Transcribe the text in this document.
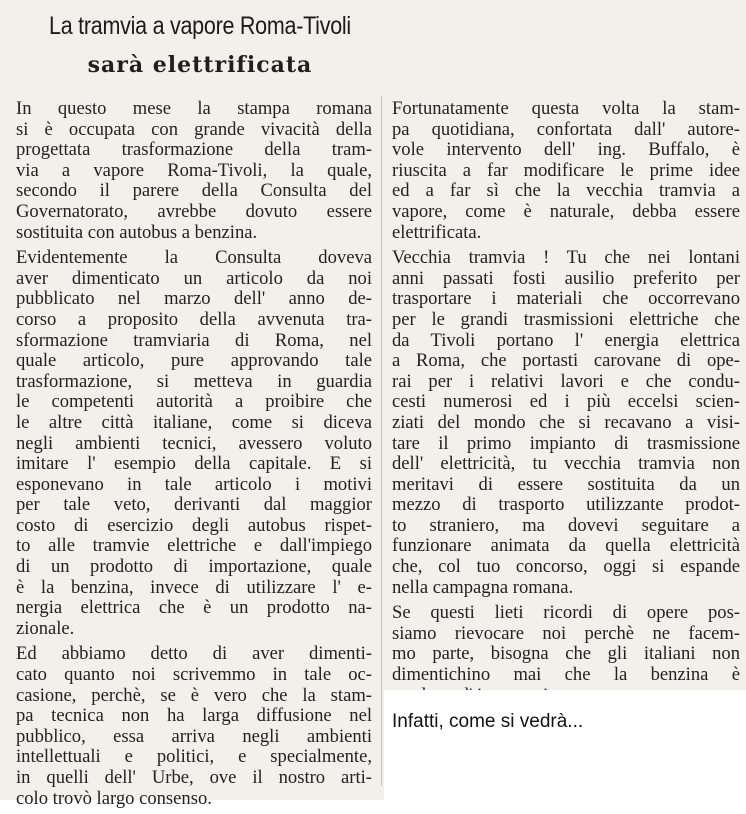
La tramvia a vapore Roma-Tivoli
sarà elettrificata

In questo mese la stampa romana
si è occupata con grande vivacità della
progettata trasformazione della tram-
via a vapore Roma-Tivoli, la quale,
secondo il parere della Consulta del
Governatorato, avrebbe dovuto essere
sostituita con autobus a benzina.

Evidentemente la Consulta doveva
aver dimenticato un articolo da noi
pubblicato nel marzo dell' anno de-
corso a proposito della avvenuta tra-
sformazione tramviaria di Roma, nel
quale articolo, pure approvando tale
trasformazione, si metteva in guardia
le competenti autorità a proibire che
le altre città italiane, come si diceva
negli ambienti tecnici, avessero voluto
imitare l' esempio della capitale. E si
esponevano in tale articolo i motivi
per tale veto, derivanti dal maggior
costo di esercizio degli autobus rispet-
to alle tramvie elettriche e dall'impiego
di un prodotto di importazione, quale
è la benzina, invece di utilizzare l' e-
nergia elettrica che è un prodotto na-
zionale.

Ed abbiamo detto di aver dimenti-
cato quanto noi scrivemmo in tale oc-
casione, perchè, se è vero che la stam-
pa tecnica non ha larga diffusione nel
pubblico, essa arriva negli ambienti
intellettuali e politici, e specialmente,
in quelli dell' Urbe, ove il nostro arti-
colo trovò largo consenso.

Fortunatamente questa volta la stam-
pa quotidiana, confortata dall' autore-
vole intervento dell' ing. Buffalo, è
riuscita a far modificare le prime idee
ed a far sì che la vecchia tramvia a
vapore, come è naturale, debba essere
elettrificata.

Vecchia tramvia ! Tu che nei lontani
anni passati fosti ausilio preferito per
trasportare i materiali che occorrevano
per le grandi trasmissioni elettriche che
da Tivoli portano l' energia elettrica
a Roma, che portasti carovane di ope-
rai per i relativi lavori e che condu-
cesti numerosi ed i più eccelsi scien-
ziati del mondo che si recavano a visi-
tare il primo impianto di trasmissione
dell' elettricità, tu vecchia tramvia non
meritavi di essere sostituita da un
mezzo di trasporto utilizzante prodot-
to straniero, ma dovevi seguitare a
funzionare animata da quella elettricità
che, col tuo concorso, oggi si espande
nella campagna romana.

Se questi lieti ricordi di opere pos-
siamo rievocare noi perchè ne facem-
mo parte, bisogna che gli italiani non
dimentichino mai che la benzina è

Infatti, come si vedrà...
